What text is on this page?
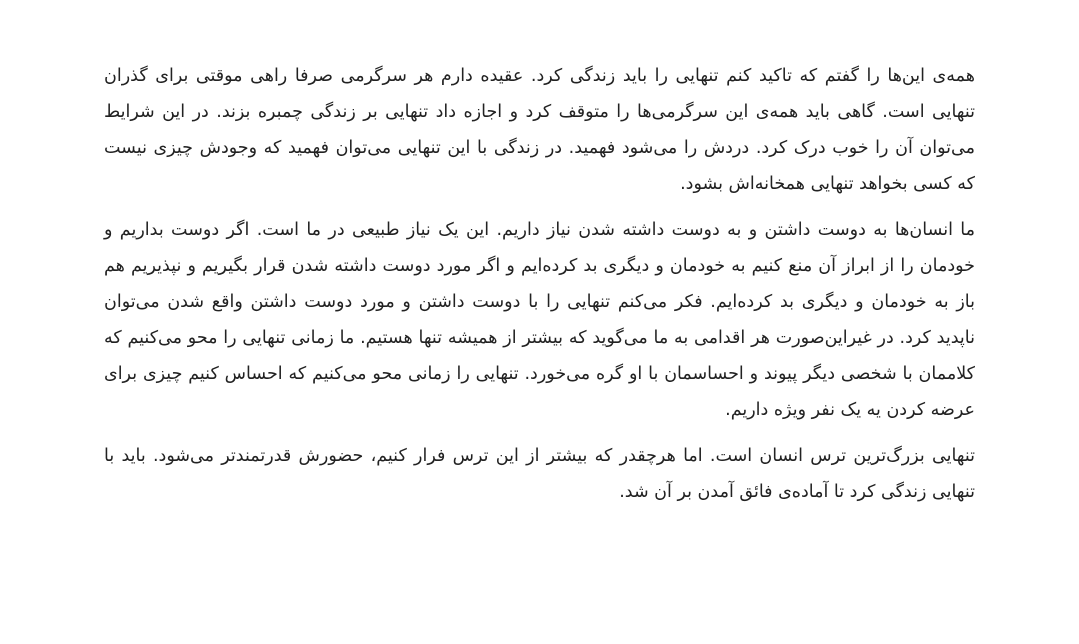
همه‌ی این‌ها را گفتم که تاکید کنم تنهایی را باید زندگی کرد. عقیده دارم هر سرگرمی صرفا راهی موقتی برای گذران تنهایی است. گاهی باید همه‌ی این سرگرمی‌ها را متوقف کرد و اجازه داد تنهایی بر زندگی چمبره بزند. در این شرایط می‌توان آن را خوب درک کرد. دردش را می‌شود فهمید. در زندگی با این تنهایی می‌توان فهمید که وجودش چیزی نیست که کسی بخواهد تنهایی همخانه‌اش بشود.

ما انسان‌ها به دوست داشتن و به دوست داشته شدن نیاز داریم. این یک نیاز طبیعی در ما است. اگر دوست بداریم و خودمان را از ابراز آن منع کنیم به خودمان و دیگری بد کرده‌ایم و اگر مورد دوست داشته شدن قرار بگیریم و نپذیریم هم باز به خودمان و دیگری بد کرده‌ایم. فکر می‌کنم تنهایی را با دوست داشتن و مورد دوست داشتن واقع شدن می‌توان ناپدید کرد. در غیراین‌صورت هر اقدامی به ما می‌گوید که بیشتر از همیشه تنها هستیم. ما زمانی تنهایی را محو می‌کنیم که کلاممان با شخصی دیگر پیوند و احساسمان با او گره می‌خورد. تنهایی را زمانی محو می‌کنیم که احساس کنیم چیزی برای عرضه کردن یه یک نفر ویژه داریم.

تنهایی بزرگ‌ترین ترس انسان است. اما هرچقدر که بیشتر از این ترس فرار کنیم، حضورش قدرتمندتر می‌شود. باید با تنهایی زندگی کرد تا آماده‌ی فائق آمدن بر آن شد.
